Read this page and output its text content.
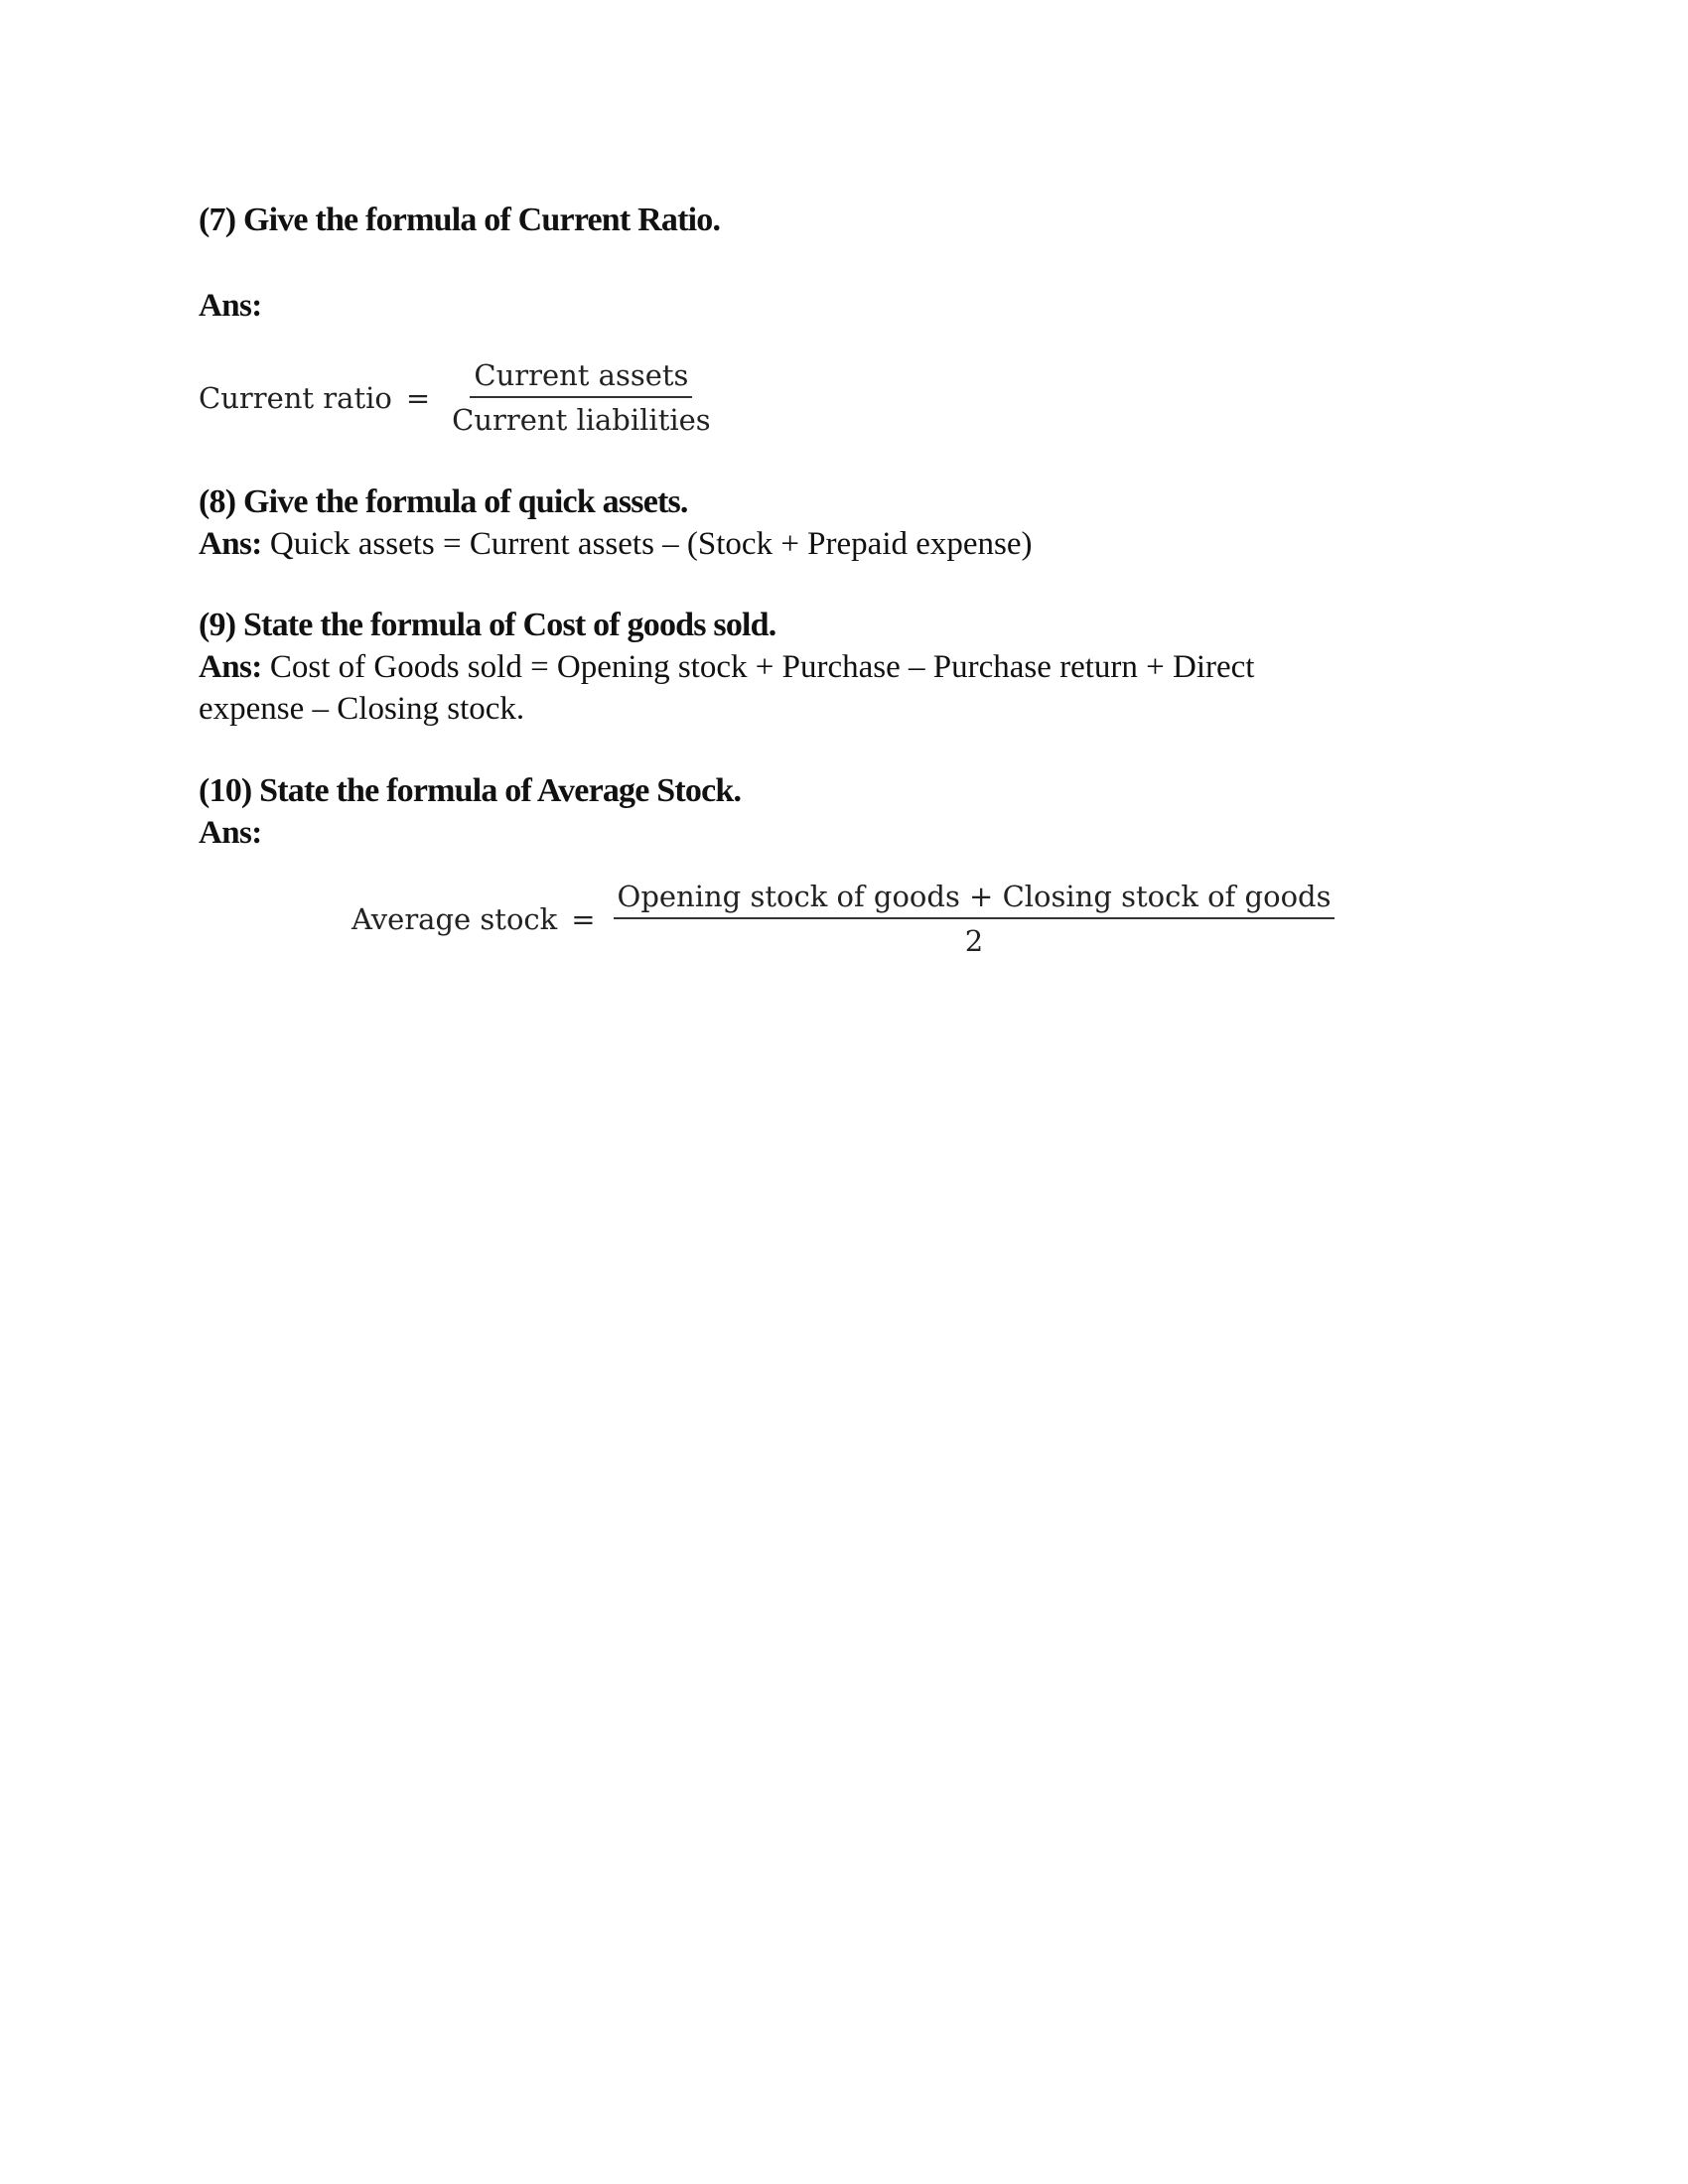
(7) Give the formula of Current Ratio.
Ans:
Current ratio = $\frac{\text{Current assets}}{\text{Current liabilities}}$
(8) Give the formula of quick assets.
Ans: Quick assets = Current assets – (Stock + Prepaid expense)
(9) State the formula of Cost of goods sold.
Ans: Cost of Goods sold = Opening stock + Purchase – Purchase return + Direct
expense – Closing stock.
(10) State the formula of Average Stock.
Ans:
Average stock = $\frac{\text{Opening stock of goods + Closing stock of goods}}{2}$
